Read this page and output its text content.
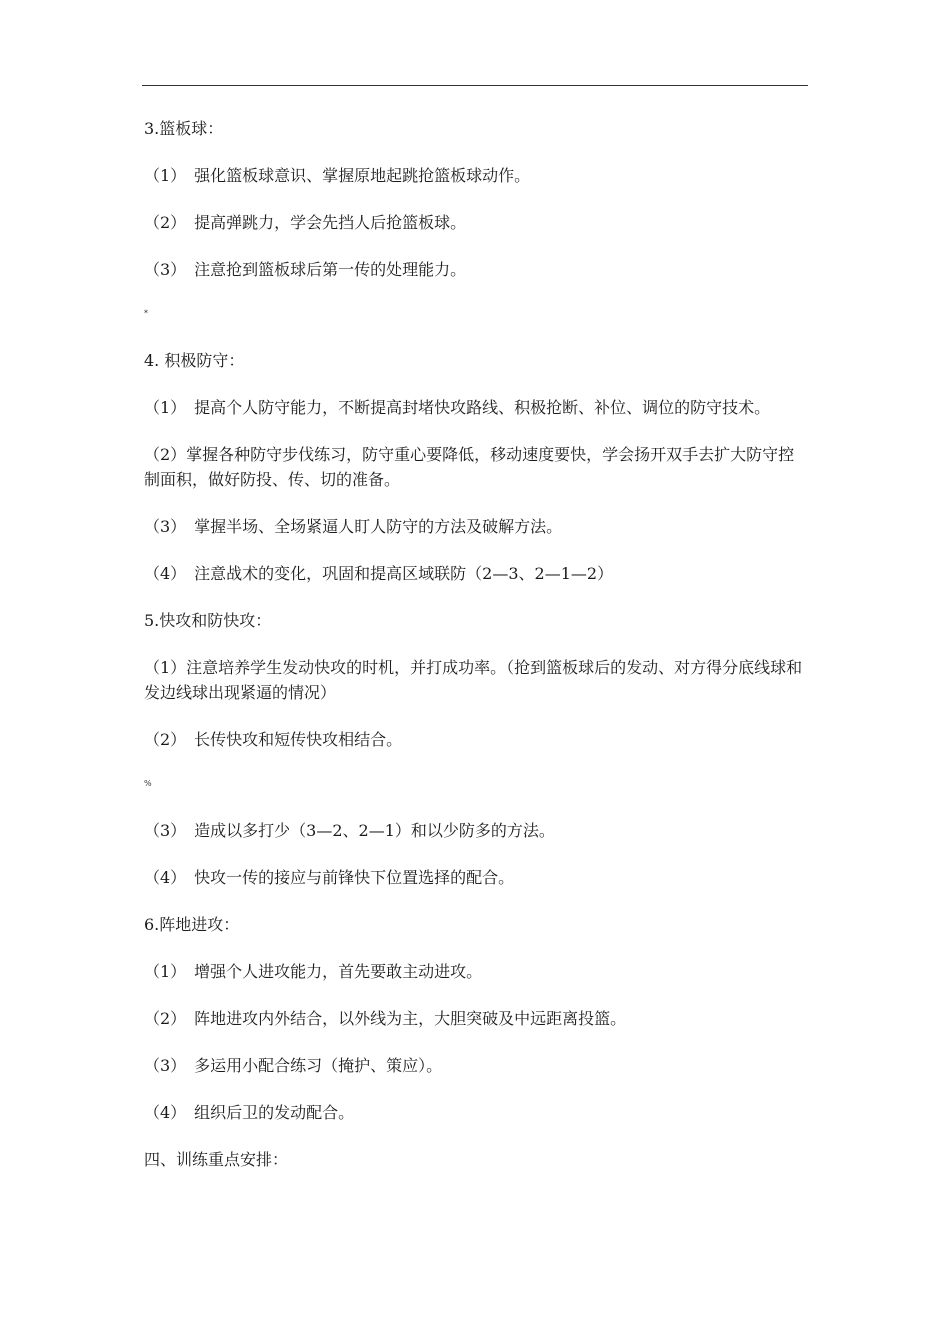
3.篮板球：

（1）　强化篮板球意识、掌握原地起跳抢篮板球动作。

（2）　提高弹跳力，学会先挡人后抢篮板球。

（3）　注意抢到篮板球后第一传的处理能力。

*

4. 积极防守：

（1）　提高个人防守能力，不断提高封堵快攻路线、积极抢断、补位、调位的防守技术。

（2）掌握各种防守步伐练习，防守重心要降低，移动速度要快，学会扬开双手去扩大防守控制面积，做好防投、传、切的准备。

（3）　掌握半场、全场紧逼人盯人防守的方法及破解方法。

（4）　注意战术的变化，巩固和提高区域联防（2—3、2—1—2）

5.快攻和防快攻：

（1）注意培养学生发动快攻的时机，并打成功率。（抢到篮板球后的发动、对方得分底线球和发边线球出现紧逼的情况）

（2）　长传快攻和短传快攻相结合。

%

（3）　造成以多打少（3—2、2—1）和以少防多的方法。

（4）　快攻一传的接应与前锋快下位置选择的配合。

6.阵地进攻：

（1）　增强个人进攻能力，首先要敢主动进攻。

（2）　阵地进攻内外结合，以外线为主，大胆突破及中远距离投篮。

（3）　多运用小配合练习（掩护、策应）。

（4）　组织后卫的发动配合。

四、训练重点安排：
